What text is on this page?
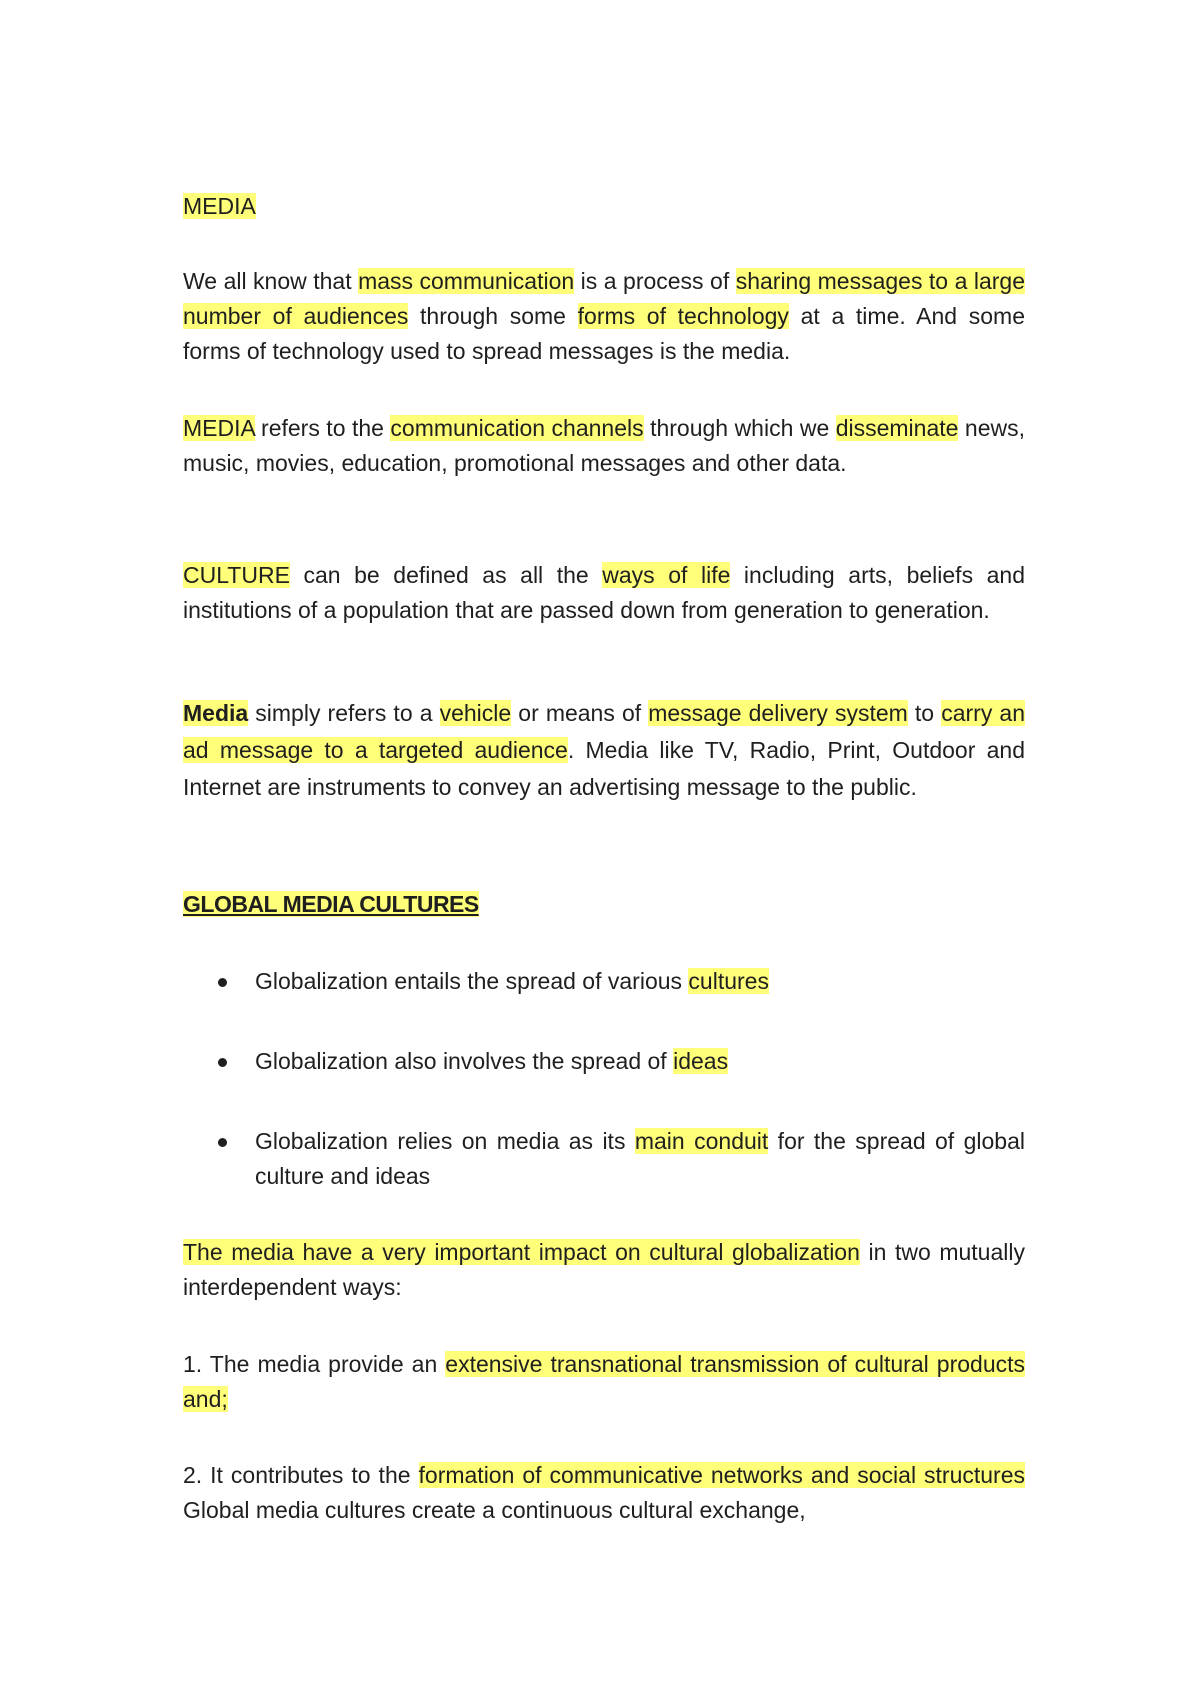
MEDIA

We all know that mass communication is a process of sharing messages to a large number of audiences through some forms of technology at a time. And some forms of technology used to spread messages is the media.

MEDIA refers to the communication channels through which we disseminate news, music, movies, education, promotional messages and other data.

CULTURE can be defined as all the ways of life including arts, beliefs and institutions of a population that are passed down from generation to generation.

Media simply refers to a vehicle or means of message delivery system to carry an ad message to a targeted audience. Media like TV, Radio, Print, Outdoor and Internet are instruments to convey an advertising message to the public.

GLOBAL MEDIA CULTURES

Globalization entails the spread of various cultures
Globalization also involves the spread of ideas
Globalization relies on media as its main conduit for the spread of global culture and ideas

The media have a very important impact on cultural globalization in two mutually interdependent ways:

1. The media provide an extensive transnational transmission of cultural products and;

2. It contributes to the formation of communicative networks and social structures Global media cultures create a continuous cultural exchange,
